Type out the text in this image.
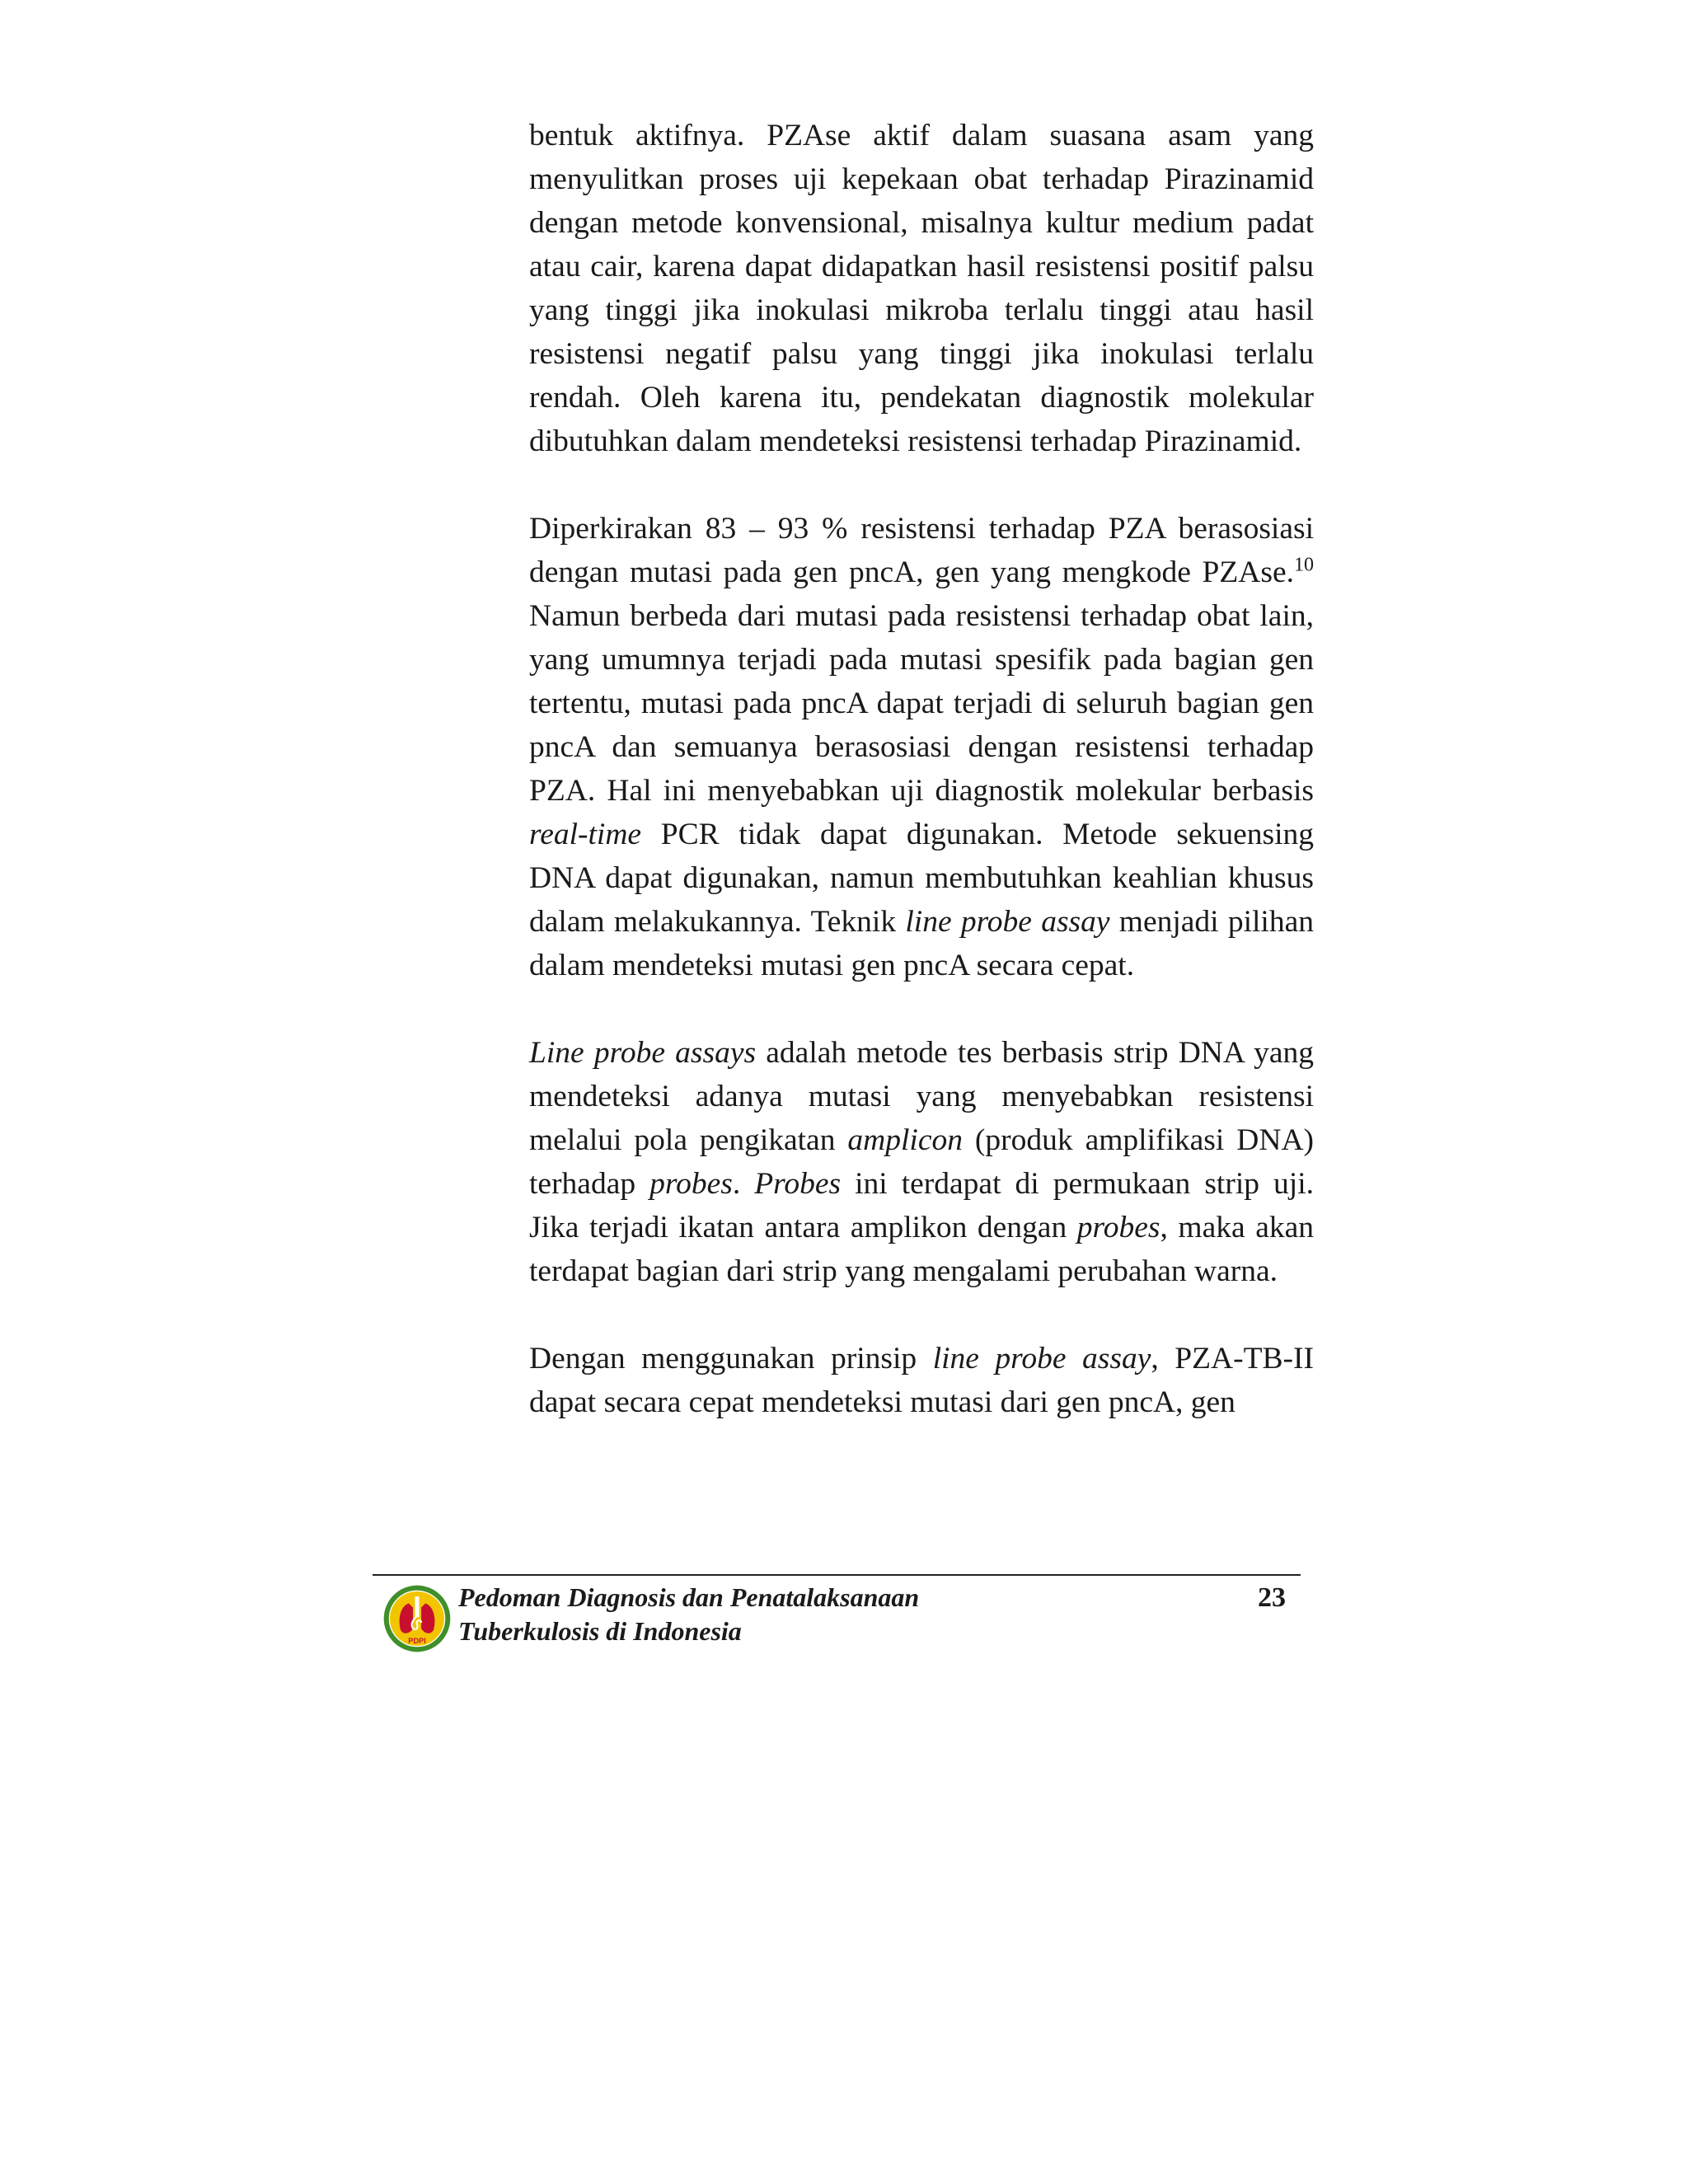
bentuk aktifnya. PZAse aktif dalam suasana asam yang menyulitkan proses uji kepekaan obat terhadap Pirazinamid dengan metode konvensional, misalnya kultur medium padat atau cair, karena dapat didapatkan hasil resistensi positif palsu yang tinggi jika inokulasi mikroba terlalu tinggi atau hasil resistensi negatif palsu yang tinggi jika inokulasi terlalu rendah. Oleh karena itu, pendekatan diagnostik molekular dibutuhkan dalam mendeteksi resistensi terhadap Pirazinamid.

Diperkirakan 83 – 93 % resistensi terhadap PZA berasosiasi dengan mutasi pada gen pncA, gen yang mengkode PZAse.$^{10}$ Namun berbeda dari mutasi pada resistensi terhadap obat lain, yang umumnya terjadi pada mutasi spesifik pada bagian gen tertentu, mutasi pada pncA dapat terjadi di seluruh bagian gen pncA dan semuanya berasosiasi dengan resistensi terhadap PZA. Hal ini menyebabkan uji diagnostik molekular berbasis real-time PCR tidak dapat digunakan. Metode sekuensing DNA dapat digunakan, namun membutuhkan keahlian khusus dalam melakukannya. Teknik line probe assay menjadi pilihan dalam mendeteksi mutasi gen pncA secara cepat.

Line probe assays adalah metode tes berbasis strip DNA yang mendeteksi adanya mutasi yang menyebabkan resistensi melalui pola pengikatan amplicon (produk amplifikasi DNA) terhadap probes. Probes ini terdapat di permukaan strip uji. Jika terjadi ikatan antara amplikon dengan probes, maka akan terdapat bagian dari strip yang mengalami perubahan warna.

Dengan menggunakan prinsip line probe assay, PZA-TB-II dapat secara cepat mendeteksi mutasi dari gen pncA, gen

PDPI
Pedoman Diagnosis dan Penatalaksanaan
Tuberkulosis di Indonesia
23
